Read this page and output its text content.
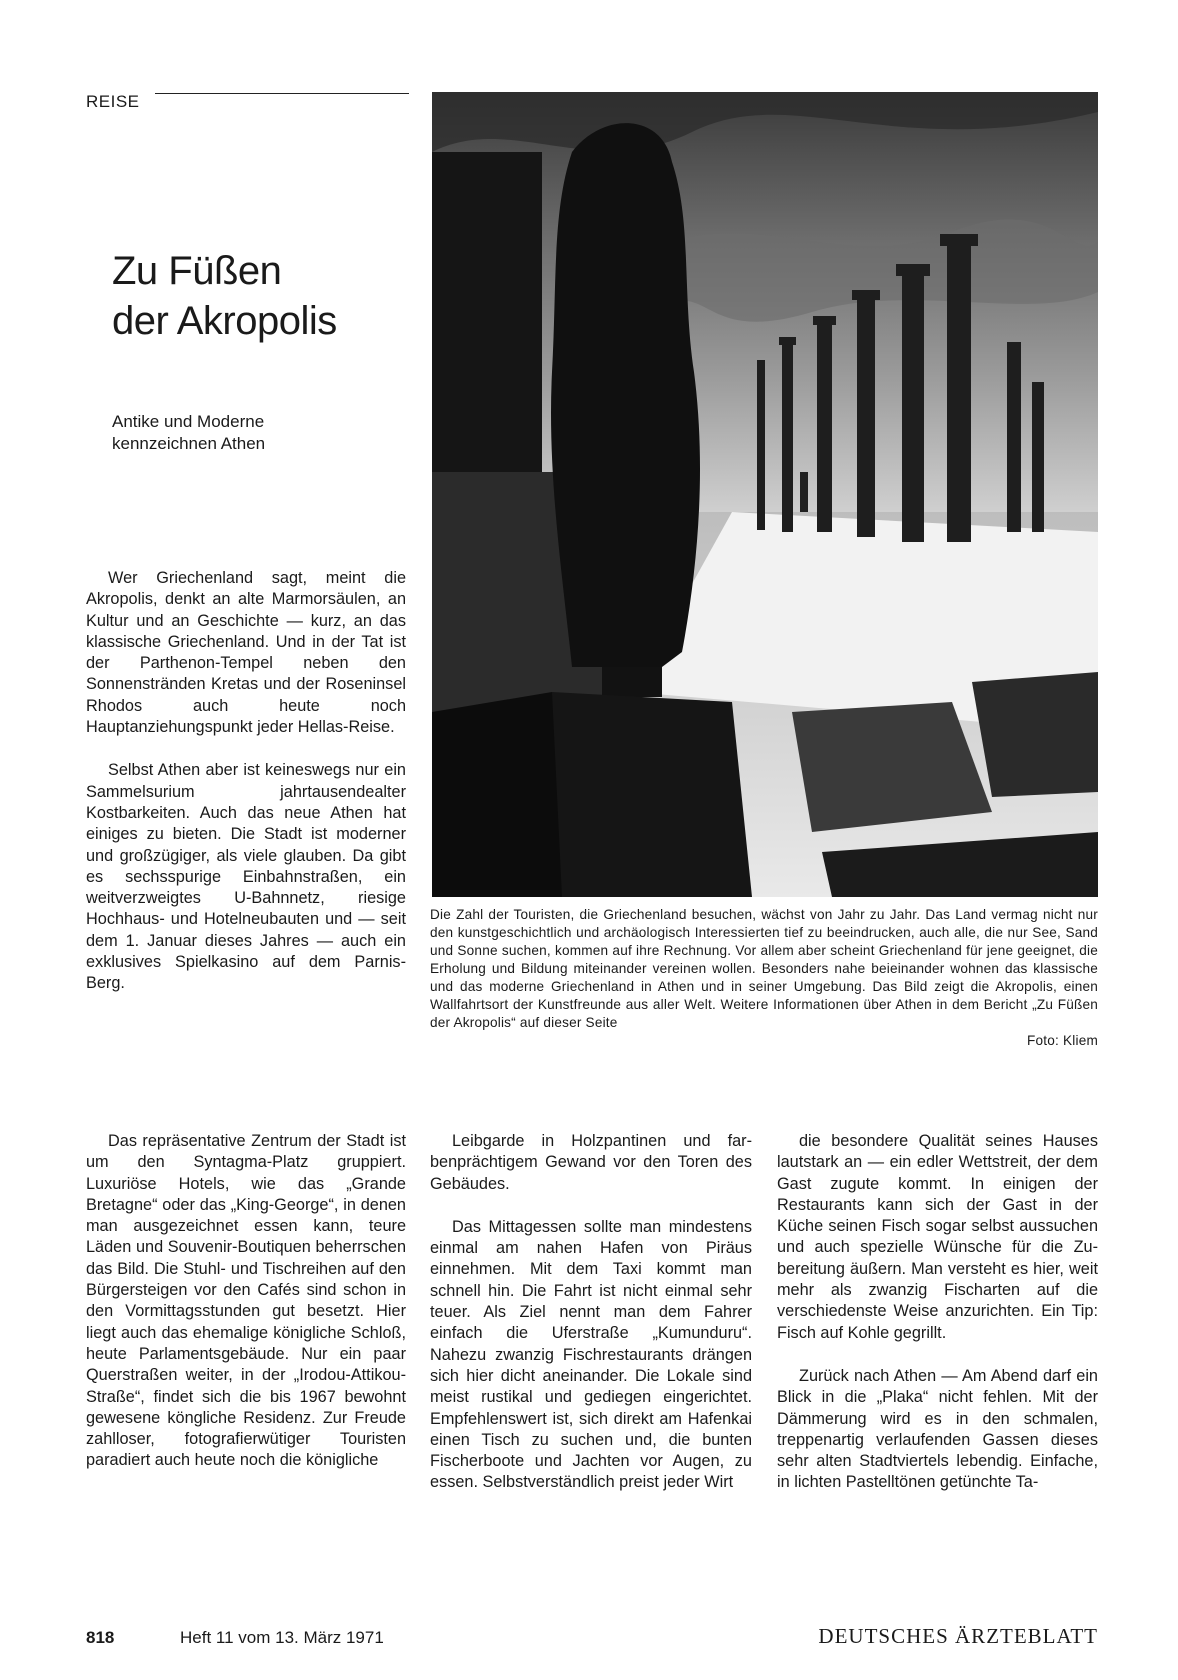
REISE
Zu Füßen
der Akropolis
Antike und Moderne
kennzeichnen Athen
Die Zahl der Touristen, die Griechenland besuchen, wächst von Jahr zu Jahr. Das Land vermag nicht nur den kunstgeschichtlich und archäologisch Interessierten tief zu beeindrucken, auch alle, die nur See, Sand und Sonne suchen, kommen auf ihre Rechnung. Vor allem aber scheint Griechenland für jene geeignet, die Erholung und Bildung miteinander vereinen wollen. Besonders nahe beieinander wohnen das klassische und das moderne Griechenland in Athen und in seiner Umgebung. Das Bild zeigt die Akropolis, einen Wallfahrtsort der Kunstfreunde aus aller Welt. Weitere Informationen über Athen in dem Bericht „Zu Füßen der Akropolis“ auf dieser Seite
Foto: Kliem

Wer Griechenland sagt, meint die Akropolis, denkt an alte Marmorsäulen, an Kultur und an Geschichte — kurz, an das klassische Griechenland. Und in der Tat ist der Parthenon-Tempel neben den Sonnenstränden Kretas und der Roseninsel Rhodos auch heute noch Hauptanziehungspunkt jeder Hellas-Reise.

Selbst Athen aber ist keineswegs nur ein Sammelsurium jahrtausendealter Kostbarkeiten. Auch das neue Athen hat einiges zu bieten. Die Stadt ist moderner und großzügiger, als viele glauben. Da gibt es sechsspurige Einbahnstraßen, ein weitverzweigtes U-Bahnnetz, riesige Hochhaus- und Hotelneubauten und — seit dem 1. Januar dieses Jahres — auch ein exklusives Spielkasino auf dem Parnis-Berg.

Das repräsentative Zentrum der Stadt ist um den Syntagma-Platz gruppiert. Luxuriöse Hotels, wie das „Grande Bretagne“ oder das „King-George“, in denen man ausgezeichnet essen kann, teure Läden und Souvenir-Boutiquen beherrschen das Bild. Die Stuhl- und Tischreihen auf den Bürgersteigen vor den Cafés sind schon in den Vormittagsstunden gut besetzt. Hier liegt auch das ehemalige königliche Schloß, heute Parlamentsgebäude. Nur ein paar Querstraßen weiter, in der „Irodou-Attikou-Straße“, findet sich die bis 1967 bewohnt gewesene köngliche Residenz. Zur Freude zahlloser, fotografierwütiger Touristen paradiert auch heute noch die königliche

Leibgarde in Holzpantinen und farbenprächtigem Gewand vor den Toren des Gebäudes.

Das Mittagessen sollte man mindestens einmal am nahen Hafen von Piräus einnehmen. Mit dem Taxi kommt man schnell hin. Die Fahrt ist nicht einmal sehr teuer. Als Ziel nennt man dem Fahrer einfach die Uferstraße „Kumunduru“. Nahezu zwanzig Fischrestaurants drängen sich hier dicht aneinander. Die Lokale sind meist rustikal und gediegen eingerichtet. Empfehlenswert ist, sich direkt am Hafenkai einen Tisch zu suchen und, die bunten Fischerboote und Jachten vor Augen, zu essen. Selbstverständlich preist jeder Wirt

die besondere Qualität seines Hauses lautstark an — ein edler Wettstreit, der dem Gast zugute kommt. In einigen der Restaurants kann sich der Gast in der Küche seinen Fisch sogar selbst aussuchen und auch spezielle Wünsche für die Zubereitung äußern. Man versteht es hier, weit mehr als zwanzig Fischarten auf die verschiedenste Weise anzurichten. Ein Tip: Fisch auf Kohle gegrillt.

Zurück nach Athen — Am Abend darf ein Blick in die „Plaka“ nicht fehlen. Mit der Dämmerung wird es in den schmalen, treppenartig verlaufenden Gassen dieses sehr alten Stadtviertels lebendig. Einfache, in lichten Pastelltönen getünchte Ta-

818	Heft 11 vom 13. März 1971	DEUTSCHES ÄRZTEBLATT
